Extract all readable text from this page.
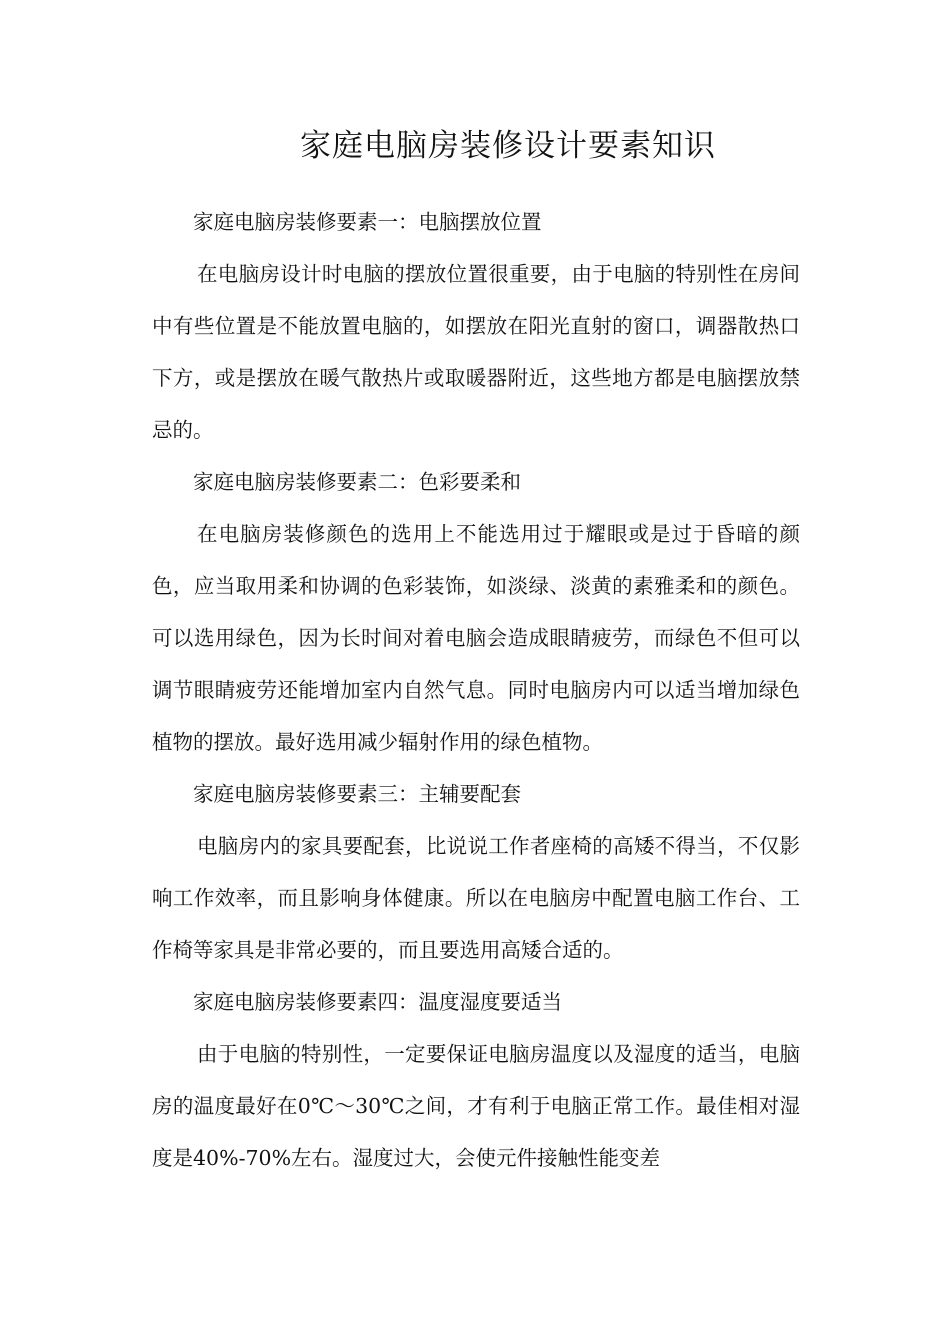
家庭电脑房装修设计要素知识

家庭电脑房装修要素一：电脑摆放位置

在电脑房设计时电脑的摆放位置很重要，由于电脑的特别性在房间中有些位置是不能放置电脑的，如摆放在阳光直射的窗口，调器散热口下方，或是摆放在暖气散热片或取暖器附近，这些地方都是电脑摆放禁忌的。

家庭电脑房装修要素二：色彩要柔和

在电脑房装修颜色的选用上不能选用过于耀眼或是过于昏暗的颜色，应当取用柔和协调的色彩装饰，如淡绿、淡黄的素雅柔和的颜色。可以选用绿色，因为长时间对着电脑会造成眼睛疲劳，而绿色不但可以调节眼睛疲劳还能增加室内自然气息。同时电脑房内可以适当增加绿色植物的摆放。最好选用减少辐射作用的绿色植物。

家庭电脑房装修要素三：主辅要配套

电脑房内的家具要配套，比说说工作者座椅的高矮不得当，不仅影响工作效率，而且影响身体健康。所以在电脑房中配置电脑工作台、工作椅等家具是非常必要的，而且要选用高矮合适的。

家庭电脑房装修要素四：温度湿度要适当

由于电脑的特别性，一定要保证电脑房温度以及湿度的适当，电脑房的温度最好在0℃～30℃之间，才有利于电脑正常工作。最佳相对湿度是40%-70%左右。湿度过大，会使元件接触性能变差
